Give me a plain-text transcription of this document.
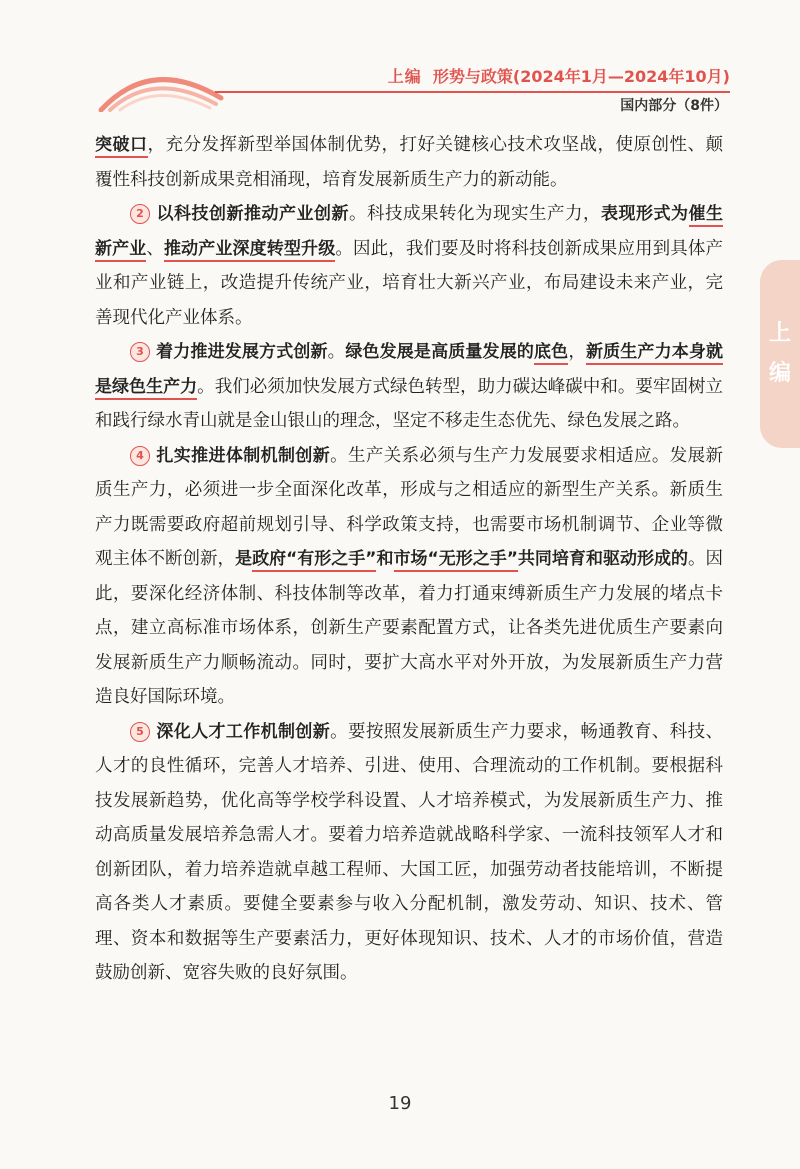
上编 形势与政策(2024年1月—2024年10月)
国内部分（8件）
上
编

突破口，充分发挥新型举国体制优势，打好关键核心技术攻坚战，使原创性、颠覆性科技创新成果竞相涌现，培育发展新质生产力的新动能。

2 以科技创新推动产业创新。科技成果转化为现实生产力，表现形式为催生新产业、推动产业深度转型升级。因此，我们要及时将科技创新成果应用到具体产业和产业链上，改造提升传统产业，培育壮大新兴产业，布局建设未来产业，完善现代化产业体系。

3 着力推进发展方式创新。绿色发展是高质量发展的底色，新质生产力本身就是绿色生产力。我们必须加快发展方式绿色转型，助力碳达峰碳中和。要牢固树立和践行绿水青山就是金山银山的理念，坚定不移走生态优先、绿色发展之路。

4 扎实推进体制机制创新。生产关系必须与生产力发展要求相适应。发展新质生产力，必须进一步全面深化改革，形成与之相适应的新型生产关系。新质生产力既需要政府超前规划引导、科学政策支持，也需要市场机制调节、企业等微观主体不断创新，是政府“有形之手”和市场“无形之手”共同培育和驱动形成的。因此，要深化经济体制、科技体制等改革，着力打通束缚新质生产力发展的堵点卡点，建立高标准市场体系，创新生产要素配置方式，让各类先进优质生产要素向发展新质生产力顺畅流动。同时，要扩大高水平对外开放，为发展新质生产力营造良好国际环境。

5 深化人才工作机制创新。要按照发展新质生产力要求，畅通教育、科技、人才的良性循环，完善人才培养、引进、使用、合理流动的工作机制。要根据科技发展新趋势，优化高等学校学科设置、人才培养模式，为发展新质生产力、推动高质量发展培养急需人才。要着力培养造就战略科学家、一流科技领军人才和创新团队，着力培养造就卓越工程师、大国工匠，加强劳动者技能培训，不断提高各类人才素质。要健全要素参与收入分配机制，激发劳动、知识、技术、管理、资本和数据等生产要素活力，更好体现知识、技术、人才的市场价值，营造鼓励创新、宽容失败的良好氛围。

19
